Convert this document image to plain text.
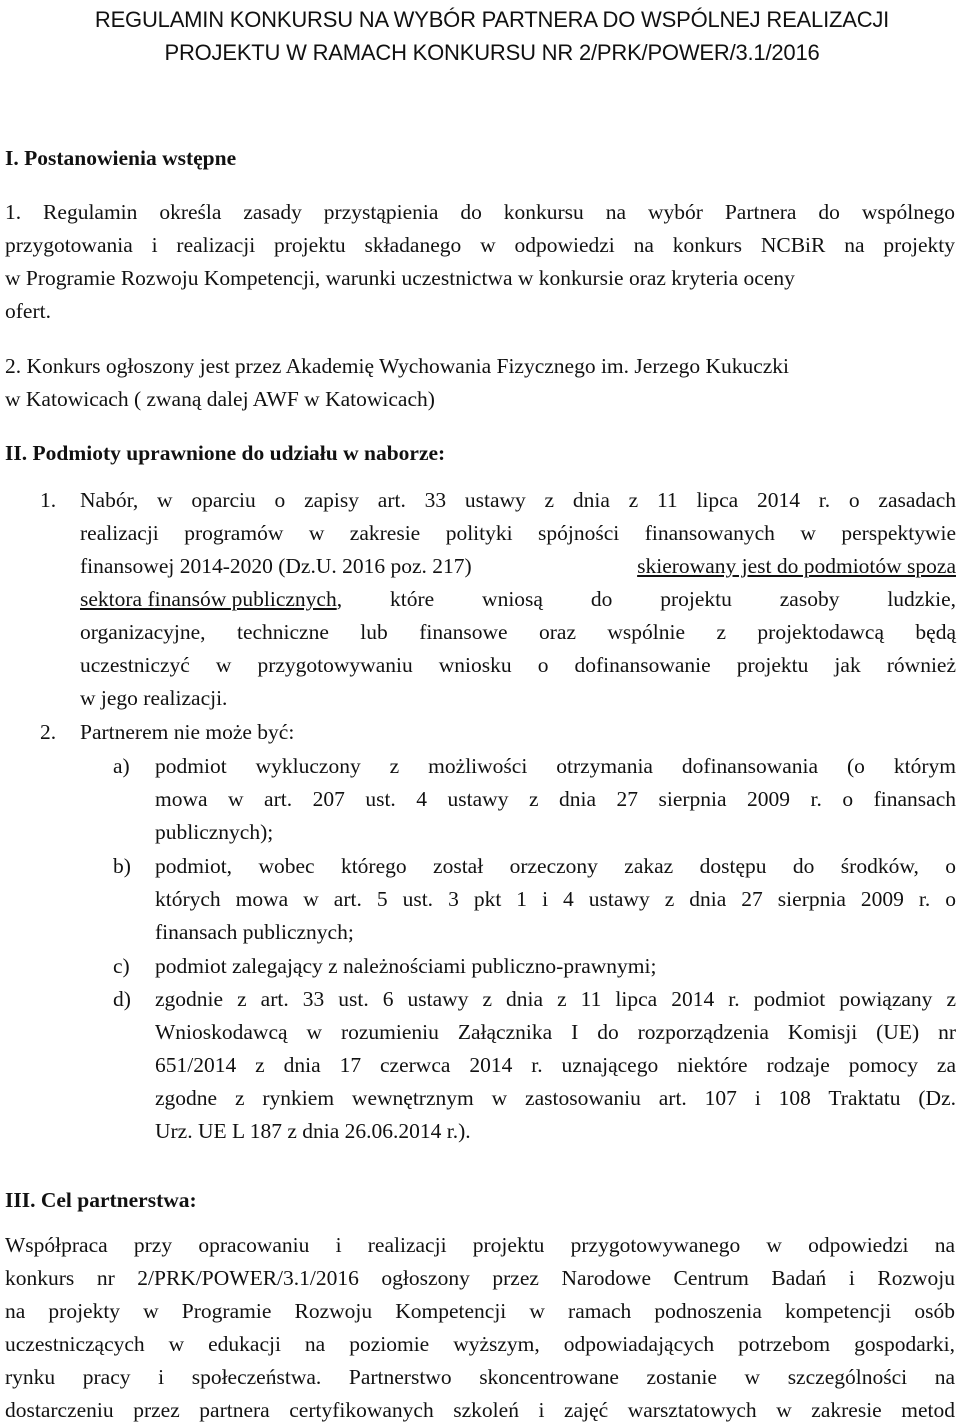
REGULAMIN KONKURSU NA WYBÓR PARTNERA DO WSPÓLNEJ REALIZACJI
PROJEKTU W RAMACH KONKURSU NR 2/PRK/POWER/3.1/2016
I. Postanowienia wstępne
1. Regulamin określa zasady przystąpienia do konkursu na wybór Partnera do wspólnego
przygotowania i realizacji projektu składanego w odpowiedzi na konkurs NCBiR na projekty
w Programie Rozwoju Kompetencji, warunki uczestnictwa w konkursie oraz kryteria oceny
ofert.
2. Konkurs ogłoszony jest przez Akademię Wychowania Fizycznego im. Jerzego Kukuczki
w Katowicach ( zwaną dalej AWF w Katowicach)
II. Podmioty uprawnione do udziału w naborze:
1. Nabór, w oparciu o zapisy art. 33 ustawy z dnia z 11 lipca 2014 r. o zasadach
realizacji programów w zakresie polityki spójności finansowanych w perspektywie
finansowej 2014-2020 (Dz.U. 2016 poz. 217)	skierowany jest do podmiotów spoza
sektora finansów publicznych , które wniosą do projektu zasoby ludzkie,
organizacyjne, techniczne lub finansowe oraz wspólnie z projektodawcą będą
uczestniczyć w przygotowywaniu wniosku o dofinansowanie projektu jak również
w jego realizacji.
2. Partnerem nie może być:
a) podmiot wykluczony z możliwości otrzymania dofinansowania (o którym
mowa w art. 207 ust. 4 ustawy z dnia 27 sierpnia 2009 r. o finansach
publicznych);
b) podmiot, wobec którego został orzeczony zakaz dostępu do środków, o
których mowa w art. 5 ust. 3 pkt 1 i 4 ustawy z dnia 27 sierpnia 2009 r. o
finansach publicznych;
c) podmiot zalegający z należnościami publiczno-prawnymi;
d) zgodnie z art. 33 ust. 6 ustawy z dnia z 11 lipca 2014 r. podmiot powiązany z
Wnioskodawcą w rozumieniu Załącznika I do rozporządzenia Komisji (UE) nr
651/2014 z dnia 17 czerwca 2014 r. uznającego niektóre rodzaje pomocy za
zgodne z rynkiem wewnętrznym w zastosowaniu art. 107 i 108 Traktatu (Dz.
Urz. UE L 187 z dnia 26.06.2014 r.).
III. Cel partnerstwa:
Współpraca przy opracowaniu i realizacji projektu przygotowywanego w odpowiedzi na
konkurs nr 2/PRK/POWER/3.1/2016 ogłoszony przez Narodowe Centrum Badań i Rozwoju
na projekty w Programie Rozwoju Kompetencji w ramach podnoszenia kompetencji osób
uczestniczących w edukacji na poziomie wyższym, odpowiadających potrzebom gospodarki,
rynku pracy i społeczeństwa. Partnerstwo skoncentrowane zostanie w szczególności na
dostarczeniu przez partnera certyfikowanych szkoleń i zajęć warsztatowych w zakresie metod
